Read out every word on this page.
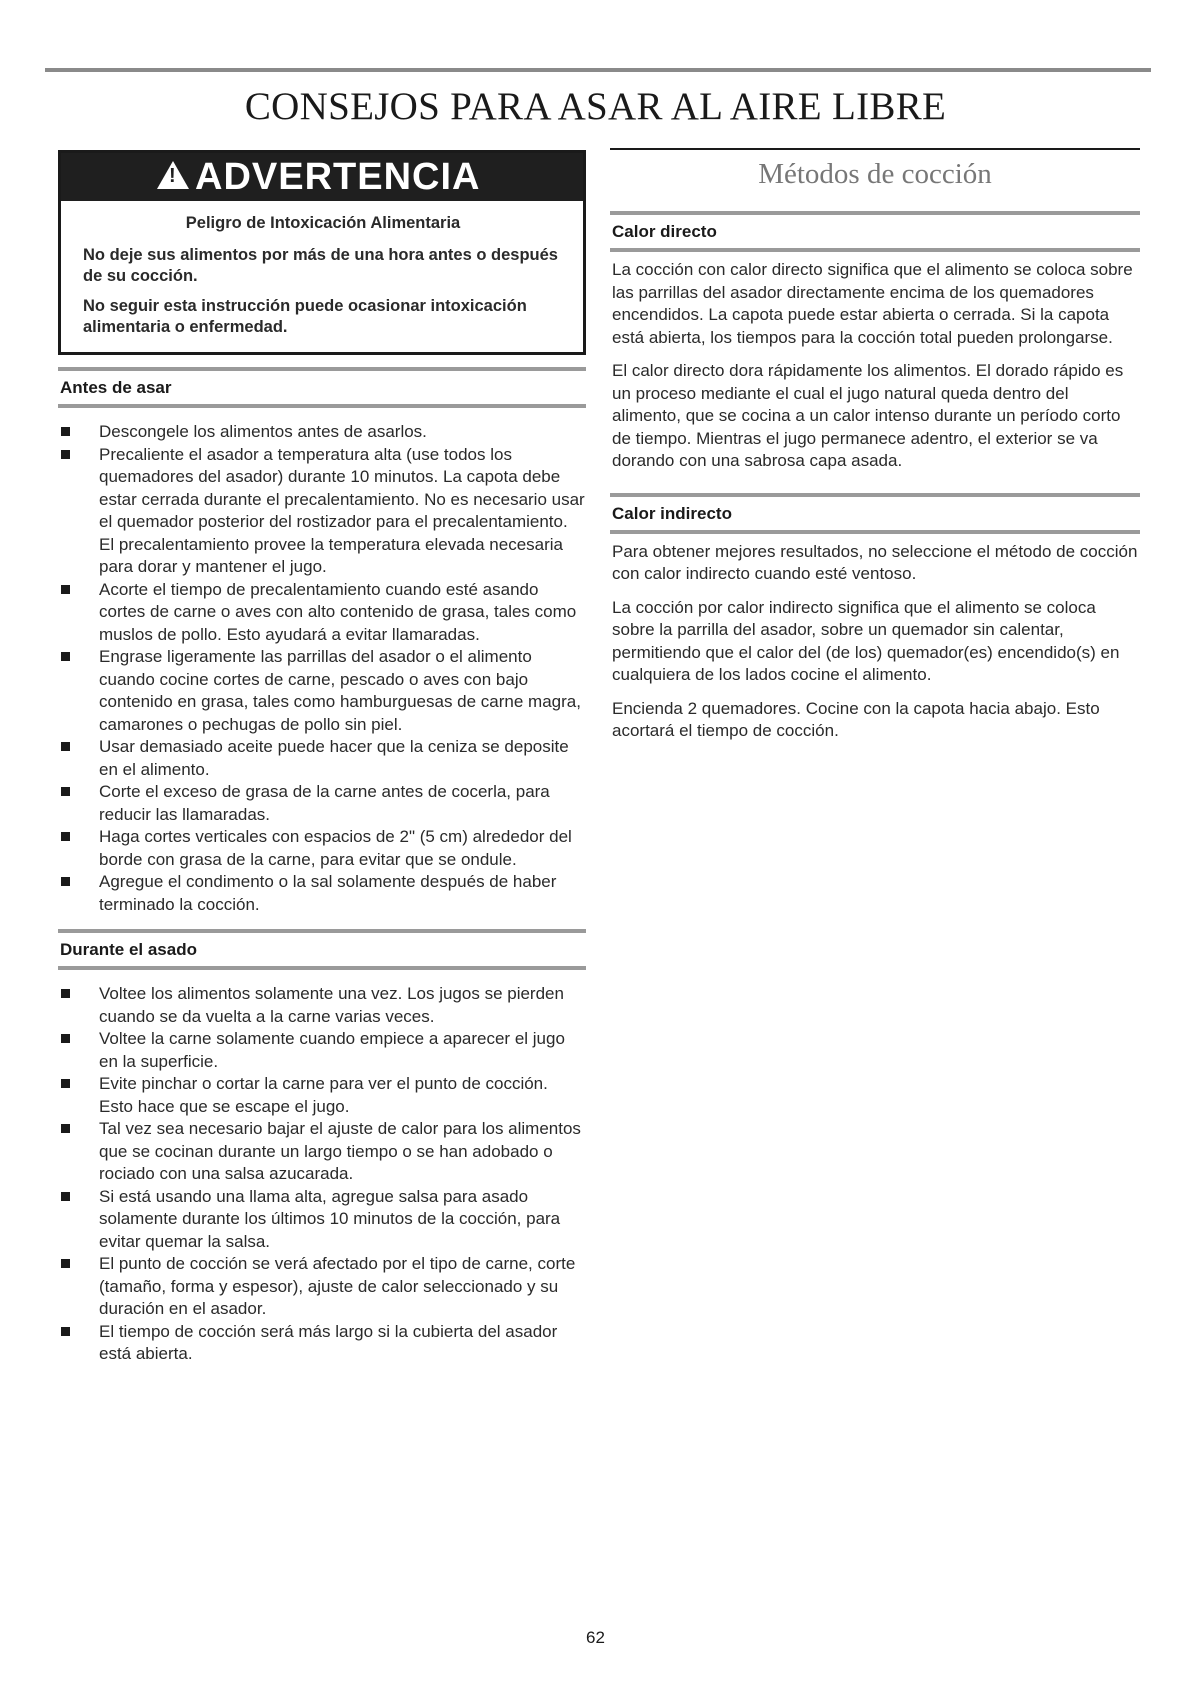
CONSEJOS PARA ASAR AL AIRE LIBRE
!
ADVERTENCIA
Peligro de Intoxicación Alimentaria

No deje sus alimentos por más de una hora antes o después de su cocción.

No seguir esta instrucción puede ocasionar intoxicación alimentaria o enfermedad.

Antes de asar
Descongele los alimentos antes de asarlos.
Precaliente el asador a temperatura alta (use todos los quemadores del asador) durante 10 minutos. La capota debe estar cerrada durante el precalentamiento. No es necesario usar el quemador posterior del rostizador para el precalentamiento. El precalentamiento provee la temperatura elevada necesaria para dorar y mantener el jugo.
Acorte el tiempo de precalentamiento cuando esté asando cortes de carne o aves con alto contenido de grasa, tales como muslos de pollo. Esto ayudará a evitar llamaradas.
Engrase ligeramente las parrillas del asador o el alimento cuando cocine cortes de carne, pescado o aves con bajo contenido en grasa, tales como hamburguesas de carne magra, camarones o pechugas de pollo sin piel.
Usar demasiado aceite puede hacer que la ceniza se deposite en el alimento.
Corte el exceso de grasa de la carne antes de cocerla, para reducir las llamaradas.
Haga cortes verticales con espacios de 2" (5 cm) alrededor del borde con grasa de la carne, para evitar que se ondule.
Agregue el condimento o la sal solamente después de haber terminado la cocción.
Durante el asado
Voltee los alimentos solamente una vez. Los jugos se pierden cuando se da vuelta a la carne varias veces.
Voltee la carne solamente cuando empiece a aparecer el jugo en la superficie.
Evite pinchar o cortar la carne para ver el punto de cocción. Esto hace que se escape el jugo.
Tal vez sea necesario bajar el ajuste de calor para los alimentos que se cocinan durante un largo tiempo o se han adobado o rociado con una salsa azucarada.
Si está usando una llama alta, agregue salsa para asado solamente durante los últimos 10 minutos de la cocción, para evitar quemar la salsa.
El punto de cocción se verá afectado por el tipo de carne, corte (tamaño, forma y espesor), ajuste de calor seleccionado y su duración en el asador.
El tiempo de cocción será más largo si la cubierta del asador está abierta.
Métodos de cocción
Calor directo

La cocción con calor directo significa que el alimento se coloca sobre las parrillas del asador directamente encima de los quemadores encendidos. La capota puede estar abierta o cerrada. Si la capota está abierta, los tiempos para la cocción total pueden prolongarse.

El calor directo dora rápidamente los alimentos. El dorado rápido es un proceso mediante el cual el jugo natural queda dentro del alimento, que se cocina a un calor intenso durante un período corto de tiempo. Mientras el jugo permanece adentro, el exterior se va dorando con una sabrosa capa asada.

Calor indirecto

Para obtener mejores resultados, no seleccione el método de cocción con calor indirecto cuando esté ventoso.

La cocción por calor indirecto significa que el alimento se coloca sobre la parrilla del asador, sobre un quemador sin calentar, permitiendo que el calor del (de los) quemador(es) encendido(s) en cualquiera de los lados cocine el alimento.

Encienda 2 quemadores. Cocine con la capota hacia abajo. Esto acortará el tiempo de cocción.

62
